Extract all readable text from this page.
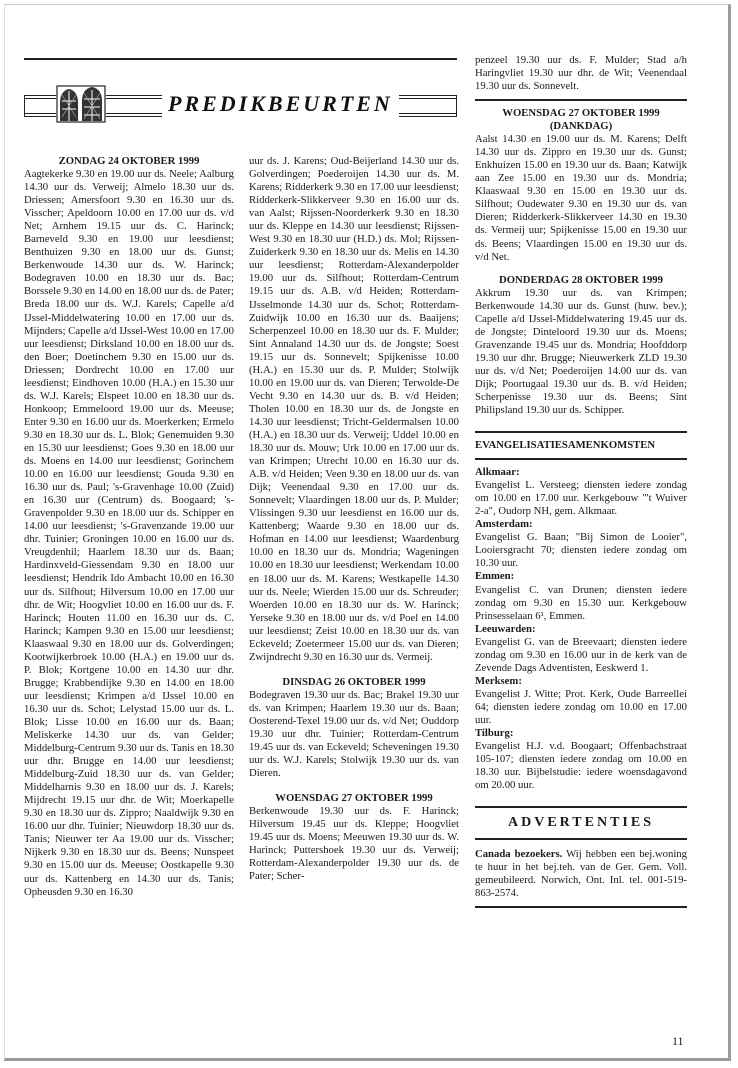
PREDIKBEURTEN
ZONDAG 24 OKTOBER 1999

Aagtekerke 9.30 en 19.00 uur ds. Neele; Aalburg 14.30 uur ds. Verweij; Almelo 18.30 uur ds. Driessen; Amersfoort 9.30 en 16.30 uur ds. Visscher; Apeldoorn 10.00 en 17.00 uur ds. v/d Net; Arnhem 19.15 uur ds. C. Harinck; Barneveld 9.30 en 19.00 uur leesdienst; Benthuizen 9.30 en 18.00 uur ds. Gunst; Berkenwoude 14.30 uur ds. W. Harinck; Bodegraven 10.00 en 18.30 uur ds. Bac; Borssele 9.30 en 14.00 en 18.00 uur ds. de Pater; Breda 18.00 uur ds. W.J. Karels; Capelle a/d IJssel-Middelwatering 10.00 en 17.00 uur ds. Mijnders; Capelle a/d IJssel-West 10.00 en 17.00 uur leesdienst; Dirksland 10.00 en 18.00 uur ds. den Boer; Doetinchem 9.30 en 15.00 uur ds. Driessen; Dordrecht 10.00 en 17.00 uur leesdienst; Eindhoven 10.00 (H.A.) en 15.30 uur ds. W.J. Karels; Elspeet 10.00 en 18.30 uur ds. Honkoop; Emmeloord 19.00 uur ds. Meeuse; Enter 9.30 en 16.00 uur ds. Moerkerken; Ermelo 9.30 en 18.30 uur ds. L. Blok; Genemuiden 9.30 en 15.30 uur leesdienst; Goes 9.30 en 18.00 uur ds. Moens en 14.00 uur leesdienst; Gorinchem 10.00 en 16.00 uur leesdienst; Gouda 9.30 en 16.30 uur ds. Paul; 's-Gravenhage 10.00 (Zuid) en 16.30 uur (Centrum) ds. Boogaard; 's-Gravenpolder 9.30 en 18.00 uur ds. Schipper en 14.00 uur leesdienst; 's-Gravenzande 19.00 uur dhr. Tuinier; Groningen 10.00 en 16.00 uur ds. Vreugdenhil; Haarlem 18.30 uur ds. Baan; Hardinxveld-Giessendam 9.30 en 18.00 uur leesdienst; Hendrik Ido Ambacht 10.00 en 16.30 uur ds. Silfhout; Hilversum 10.00 en 17.00 uur dhr. de Wit; Hoogvliet 10.00 en 16.00 uur ds. F. Harinck; Houten 11.00 en 16.30 uur ds. C. Harinck; Kampen 9.30 en 15.00 uur leesdienst; Klaaswaal 9.30 en 18.00 uur ds. Golverdingen; Kootwijkerbroek 10.00 (H.A.) en 19.00 uur ds. P. Blok; Kortgene 10.00 en 14.30 uur dhr. Brugge; Krabbendijke 9.30 en 14.00 en 18.00 uur leesdienst; Krimpen a/d IJssel 10.00 en 16.30 uur ds. Schot; Lelystad 15.00 uur ds. L. Blok; Lisse 10.00 en 16.00 uur ds. Baan; Meliskerke 14.30 uur ds. van Gelder; Middelburg-Centrum 9.30 uur ds. Tanis en 18.30 uur dhr. Brugge en 14.00 uur leesdienst; Middelburg-Zuid 18.30 uur ds. van Gelder; Middelharnis 9.30 en 18.00 uur ds. J. Karels; Mijdrecht 19.15 uur dhr. de Wit; Moerkapelle 9.30 en 18.30 uur ds. Zippro; Naaldwijk 9.30 en 16.00 uur dhr. Tuinier; Nieuwdorp 18.30 uur ds. Tanis; Nieuwer ter Aa 19.00 uur ds. Visscher; Nijkerk 9.30 en 18.30 uur ds. Beens; Nunspeet 9.30 en 15.00 uur ds. Meeuse; Oostkapelle 9.30 uur ds. Kattenberg en 14.30 uur ds. Tanis; Opheusden 9.30 en 16.30

uur ds. J. Karens; Oud-Beijerland 14.30 uur ds. Golverdingen; Poederoijen 14.30 uur ds. M. Karens; Ridderkerk 9.30 en 17.00 uur leesdienst; Ridderkerk-Slikkerveer 9.30 en 16.00 uur ds. van Aalst; Rijssen-Noorderkerk 9.30 en 18.30 uur ds. Kleppe en 14.30 uur leesdienst; Rijssen-West 9.30 en 18.30 uur (H.D.) ds. Mol; Rijssen-Zuiderkerk 9.30 en 18.30 uur ds. Melis en 14.30 uur leesdienst; Rotterdam-Alexanderpolder 19.00 uur ds. Silfhout; Rotterdam-Centrum 19.15 uur ds. A.B. v/d Heiden; Rotterdam-IJsselmonde 14.30 uur ds. Schot; Rotterdam-Zuidwijk 10.00 en 16.30 uur ds. Baaijens; Scherpenzeel 10.00 en 18.30 uur ds. F. Mulder; Sint Annaland 14.30 uur ds. de Jongste; Soest 19.15 uur ds. Sonnevelt; Spijkenisse 10.00 (H.A.) en 15.30 uur ds. P. Mulder; Stolwijk 10.00 en 19.00 uur ds. van Dieren; Terwolde-De Vecht 9.30 en 14.30 uur ds. B. v/d Heiden; Tholen 10.00 en 18.30 uur ds. de Jongste en 14.30 uur leesdienst; Tricht-Geldermalsen 10.00 (H.A.) en 18.30 uur ds. Verweij; Uddel 10.00 en 18.30 uur ds. Mouw; Urk 10.00 en 17.00 uur ds. van Krimpen; Utrecht 10.00 en 16.30 uur ds. A.B. v/d Heiden; Veen 9.30 en 18.00 uur ds. van Dijk; Veenendaal 9.30 en 17.00 uur ds. Sonnevelt; Vlaardingen 18.00 uur ds. P. Mulder; Vlissingen 9.30 uur leesdienst en 16.00 uur ds. Kattenberg; Waarde 9.30 en 18.00 uur ds. Hofman en 14.00 uur leesdienst; Waardenburg 10.00 en 18.30 uur ds. Mondria; Wageningen 10.00 en 18.30 uur leesdienst; Werkendam 10.00 en 18.00 uur ds. M. Karens; Westkapelle 14.30 uur ds. Neele; Wierden 15.00 uur ds. Schreuder; Woerden 10.00 en 18.30 uur ds. W. Harinck; Yerseke 9.30 en 18.00 uur ds. v/d Poel en 14.00 uur leesdienst; Zeist 10.00 en 18.30 uur ds. van Eckeveld; Zoetermeer 15.00 uur ds. van Dieren; Zwijndrecht 9.30 en 16.30 uur ds. Vermeij.

DINSDAG 26 OKTOBER 1999

Bodegraven 19.30 uur ds. Bac; Brakel 19.30 uur ds. van Krimpen; Haarlem 19.30 uur ds. Baan; Oosterend-Texel 19.00 uur ds. v/d Net; Ouddorp 19.30 uur dhr. Tuinier; Rotterdam-Centrum 19.45 uur ds. van Eckeveld; Scheveningen 19.30 uur ds. W.J. Karels; Stolwijk 19.30 uur ds. van Dieren.

WOENSDAG 27 OKTOBER 1999

Berkenwoude 19.30 uur ds. F. Harinck; Hilversum 19.45 uur ds. Kleppe; Hoogvliet 19.45 uur ds. Moens; Meeuwen 19.30 uur ds. W. Harinck; Puttershoek 19.30 uur ds. Verweij; Rotterdam-Alexanderpolder 19.30 uur ds. de Pater; Scher-

penzeel 19.30 uur ds. F. Mulder; Stad a/h Haringvliet 19.30 uur dhr. de Wit; Veenendaal 19.30 uur ds. Sonnevelt.

WOENSDAG 27 OKTOBER 1999
(DANKDAG)

Aalst 14.30 en 19.00 uur ds. M. Karens; Delft 14.30 uur ds. Zippro en 19.30 uur ds. Gunst; Enkhuizen 15.00 en 19.30 uur ds. Baan; Katwijk aan Zee 15.00 en 19.30 uur ds. Mondria; Klaaswaal 9.30 en 15.00 en 19.30 uur ds. Silfhout; Oudewater 9.30 en 19.30 uur ds. van Dieren; Ridderkerk-Slikkerveer 14.30 en 19.30 ds. Vermeij uur; Spijkenisse 15.00 en 19.30 uur ds. Beens; Vlaardingen 15.00 en 19.30 uur ds. v/d Net.

DONDERDAG 28 OKTOBER 1999

Akkrum 19.30 uur ds. van Krimpen; Berkenwoude 14.30 uur ds. Gunst (huw. bev.); Capelle a/d IJssel-Middelwatering 19.45 uur ds. de Jongste; Dinteloord 19.30 uur ds. Moens; Gravenzande 19.45 uur ds. Mondria; Hoofddorp 19.30 uur dhr. Brugge; Nieuwerkerk ZLD 19.30 uur ds. v/d Net; Poederoijen 14.00 uur ds. van Dijk; Poortugaal 19.30 uur ds. B. v/d Heiden; Scherpenisse 19.30 uur ds. Beens; Sint Philipsland 19.30 uur ds. Schipper.

EVANGELISATIESAMENKOMSTEN
Alkmaar:
Evangelist L. Versteeg; diensten iedere zondag om 10.00 en 17.00 uur. Kerkgebouw "'t Wuiver 2-a", Oudorp NH, gem. Alkmaar.
Amsterdam:
Evangelist G. Baan; "Bij Simon de Looier", Looiersgracht 70; diensten iedere zondag om 10.30 uur.
Emmen:
Evangelist C. van Drunen; diensten iedere zondag om 9.30 en 15.30 uur. Kerkgebouw Prinsesselaan 6¹, Emmen.
Leeuwarden:
Evangelist G. van de Breevaart; diensten iedere zondag om 9.30 en 16.00 uur in de kerk van de Zevende Dags Adventisten, Eeskwerd 1.
Merksem:
Evangelist J. Witte; Prot. Kerk, Oude Barreellei 64; diensten iedere zondag om 10.00 en 17.00 uur.
Tilburg:
Evangelist H.J. v.d. Boogaart; Offenbachstraat 105-107; diensten iedere zondag om 10.00 en 18.30 uur. Bijbelstudie: iedere woensdagavond om 20.00 uur.
ADVERTENTIES

Canada bezoekers. Wij hebben een bej.woning te huur in het bej.teh. van de Ger. Gem. Voll. gemeubileerd. Norwich, Ont. Inl. tel. 001-519-863-2574.

11
